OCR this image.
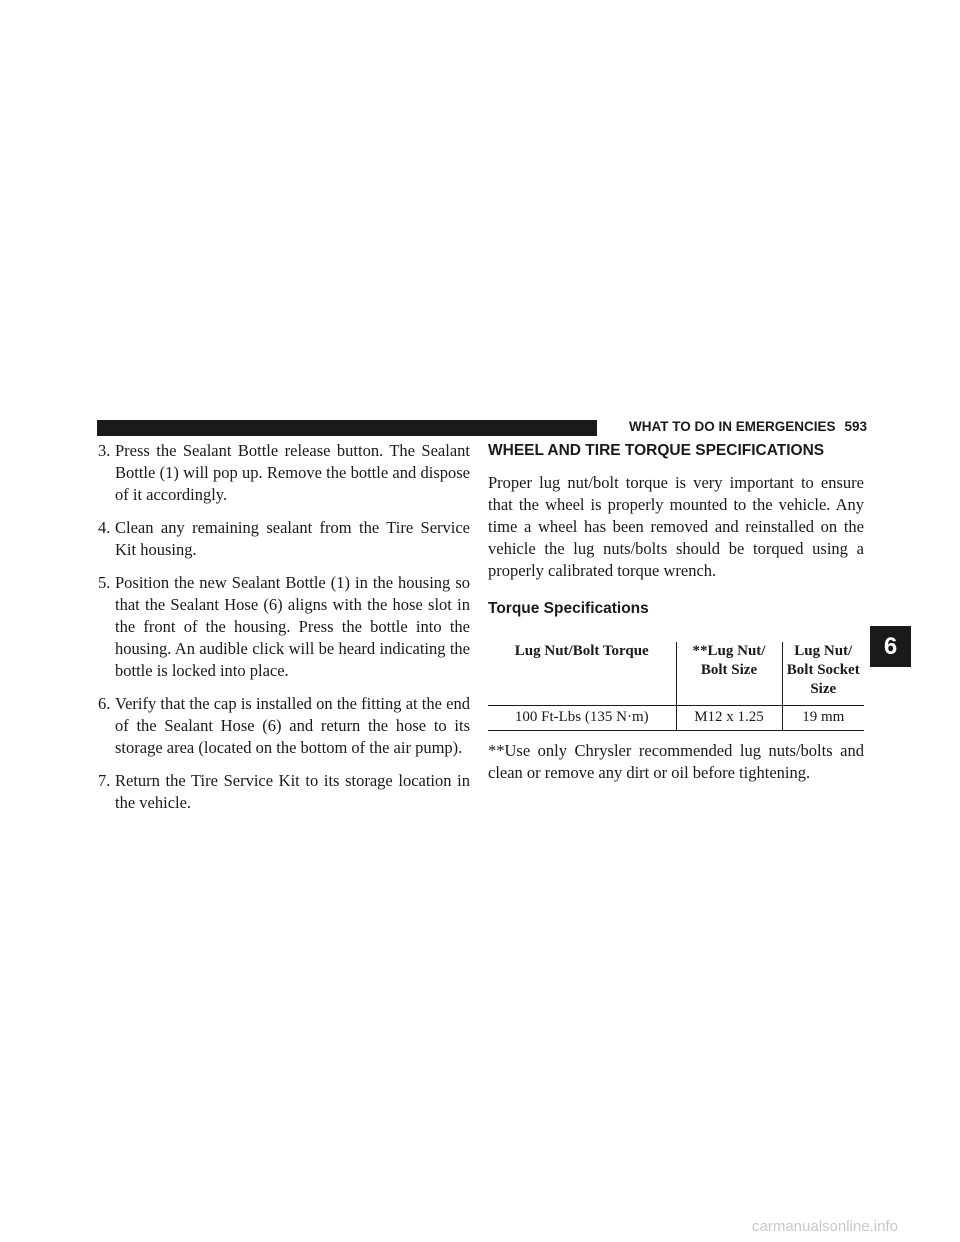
WHAT TO DO IN EMERGENCIES 593
3. Press the Sealant Bottle release button. The Sealant Bottle (1) will pop up. Remove the bottle and dispose of it accordingly.
4. Clean any remaining sealant from the Tire Service Kit housing.
5. Position the new Sealant Bottle (1) in the housing so that the Sealant Hose (6) aligns with the hose slot in the front of the housing. Press the bottle into the housing. An audible click will be heard indicating the bottle is locked into place.
6. Verify that the cap is installed on the fitting at the end of the Sealant Hose (6) and return the hose to its storage area (located on the bottom of the air pump).
7. Return the Tire Service Kit to its storage location in the vehicle.
WHEEL AND TIRE TORQUE SPECIFICATIONS

Proper lug nut/bolt torque is very important to ensure that the wheel is properly mounted to the vehicle. Any time a wheel has been removed and reinstalled on the vehicle the lug nuts/bolts should be torqued using a properly calibrated torque wrench.

Torque Specifications
Lug Nut/Bolt Torque	**Lug Nut/ Bolt Size	Lug Nut/ Bolt Socket Size
100 Ft-Lbs (135 N·m)	M12 x 1.25	19 mm

**Use only Chrysler recommended lug nuts/bolts and clean or remove any dirt or oil before tightening.

6
carmanualsonline.info
